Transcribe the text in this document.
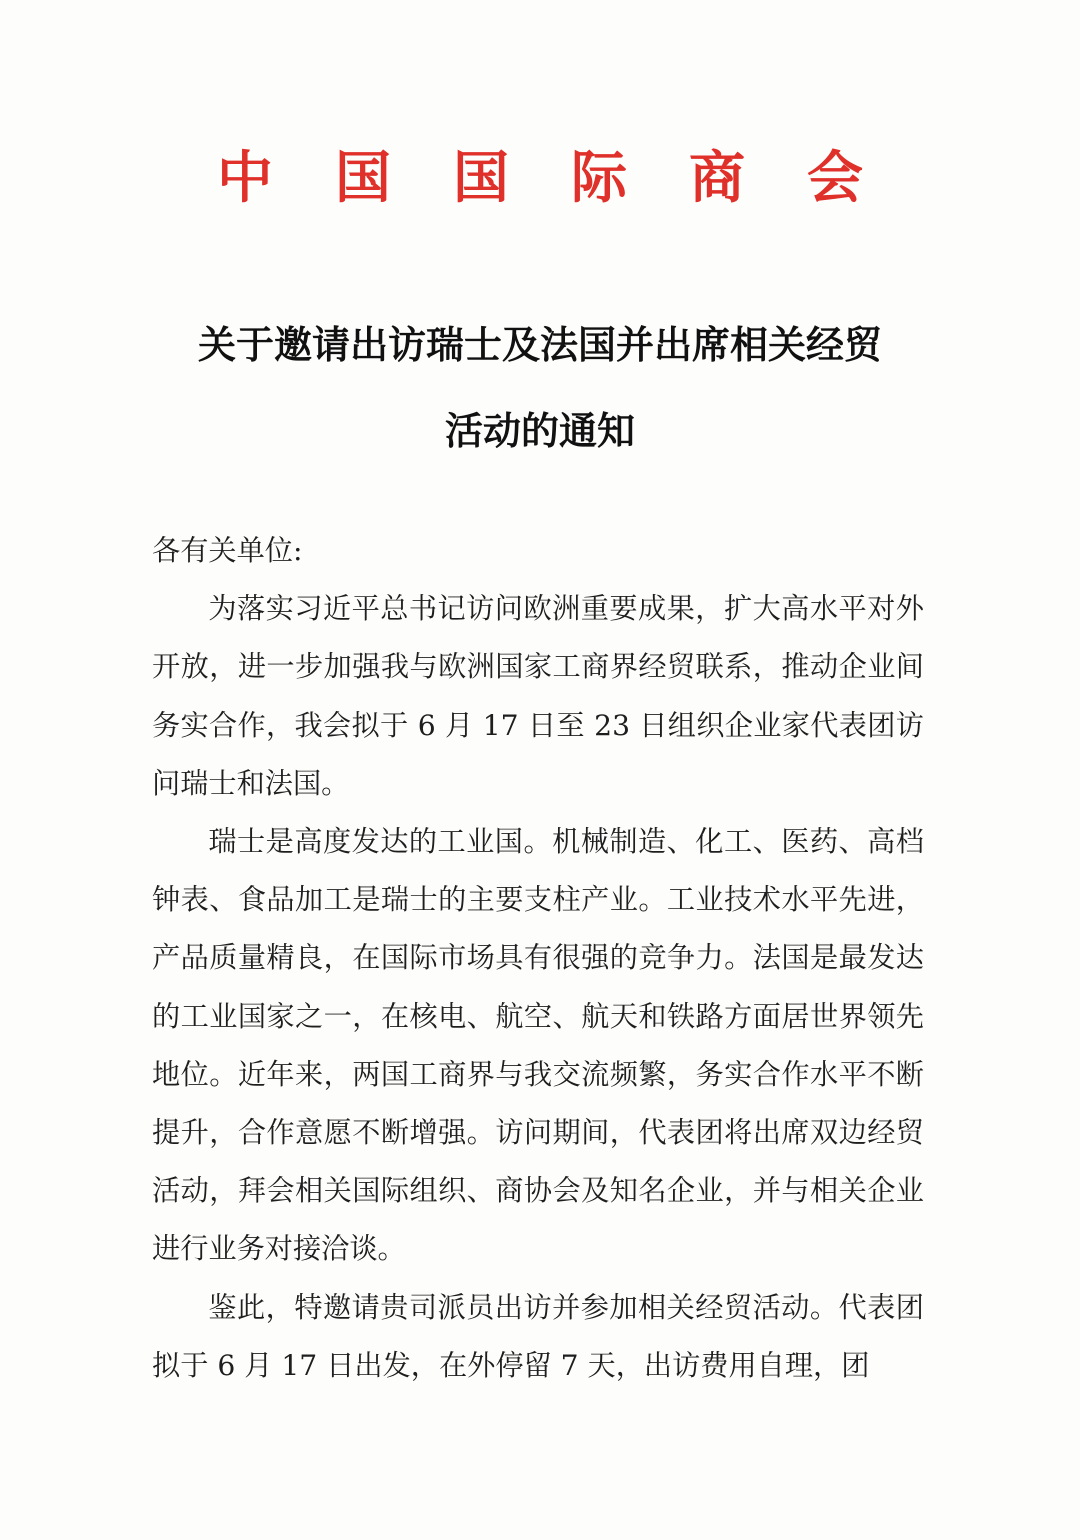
中国国际商会
关于邀请出访瑞士及法国并出席相关经贸
活动的通知

各有关单位:

为落实习近平总书记访问欧洲重要成果，扩大高水平对外开放，进一步加强我与欧洲国家工商界经贸联系，推动企业间务实合作，我会拟于 6 月 17 日至 23 日组织企业家代表团访问瑞士和法国。

瑞士是高度发达的工业国。机械制造、化工、医药、高档钟表、食品加工是瑞士的主要支柱产业。工业技术水平先进，产品质量精良，在国际市场具有很强的竞争力。法国是最发达的工业国家之一，在核电、航空、航天和铁路方面居世界领先地位。近年来，两国工商界与我交流频繁，务实合作水平不断提升，合作意愿不断增强。访问期间，代表团将出席双边经贸活动，拜会相关国际组织、商协会及知名企业，并与相关企业进行业务对接洽谈。

鉴此，特邀请贵司派员出访并参加相关经贸活动。代表团拟于 6 月 17 日出发，在外停留 7 天，出访费用自理，团
